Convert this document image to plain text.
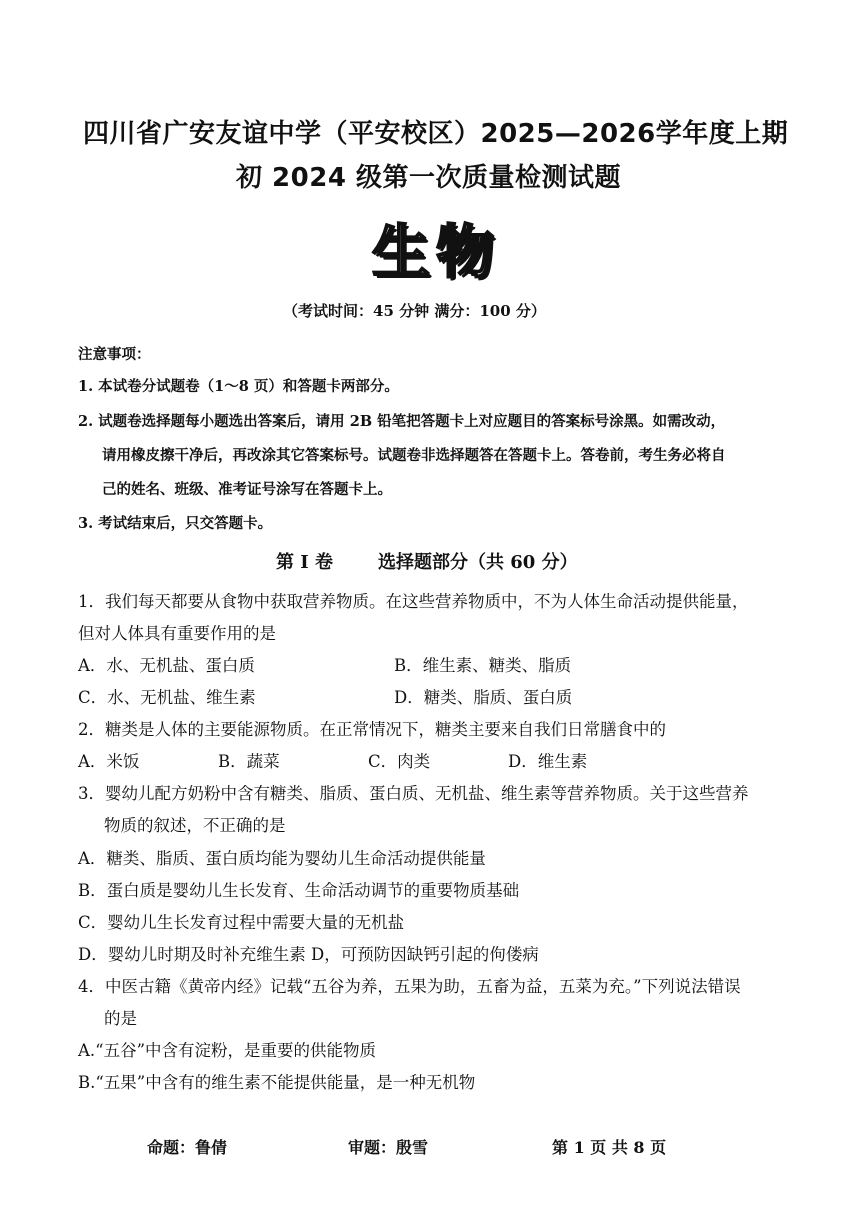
四川省广安友谊中学（平安校区）2025—2026学年度上期
初 2024 级第一次质量检测试题
生物
（考试时间：45 分钟 满分：100 分）
注意事项：
1. 本试卷分试题卷（1～8 页）和答题卡两部分。
2. 试题卷选择题每小题选出答案后，请用 2B 铅笔把答题卡上对应题目的答案标号涂黑。如需改动，
请用橡皮擦干净后，再改涂其它答案标号。试题卷非选择题答在答题卡上。答卷前，考生务必将自
己的姓名、班级、准考证号涂写在答题卡上。
3. 考试结束后，只交答题卡。
第 I 卷	选择题部分（共 60 分）
1．我们每天都要从食物中获取营养物质。在这些营养物质中，不为人体生命活动提供能量，
但对人体具有重要作用的是
A．水、无机盐、蛋白质	B．维生素、糖类、脂质
C．水、无机盐、维生素	D．糖类、脂质、蛋白质
2．糖类是人体的主要能源物质。在正常情况下，糖类主要来自我们日常膳食中的
A．米饭	B．蔬菜	C．肉类	D．维生素
3．婴幼儿配方奶粉中含有糖类、脂质、蛋白质、无机盐、维生素等营养物质。关于这些营养
物质的叙述，不正确的是
A．糖类、脂质、蛋白质均能为婴幼儿生命活动提供能量
B．蛋白质是婴幼儿生长发育、生命活动调节的重要物质基础
C．婴幼儿生长发育过程中需要大量的无机盐
D．婴幼儿时期及时补充维生素 D，可预防因缺钙引起的佝偻病
4．中医古籍《黄帝内经》记载“五谷为养，五果为助，五畜为益，五菜为充。”下列说法错误
的是
A.“五谷”中含有淀粉，是重要的供能物质
B.“五果”中含有的维生素不能提供能量，是一种无机物
命题：鲁倩	审题：殷雪	第 1 页 共 8 页
